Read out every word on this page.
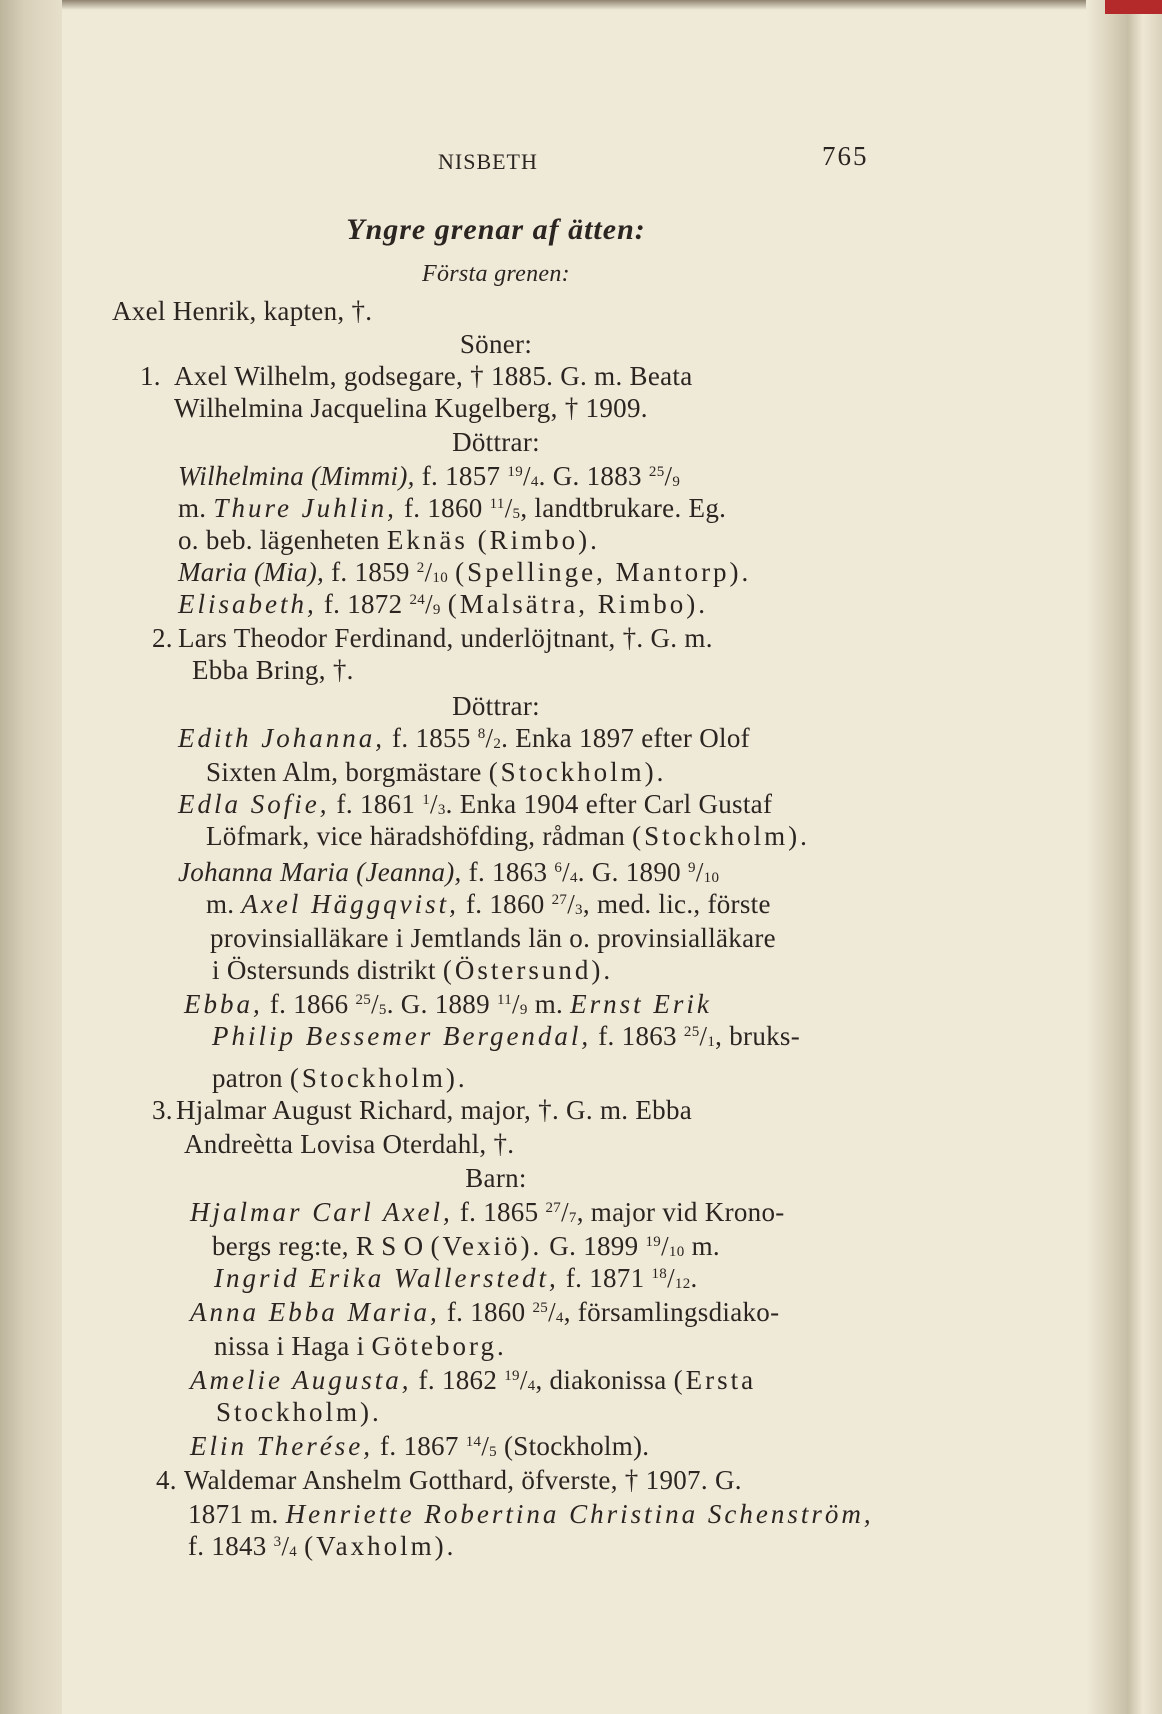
NISBETH	765
Yngre grenar af ätten:
Första grenen:
Axel Henrik, kapten, †.
Söner:
1. Axel Wilhelm, godsegare, † 1885. G. m. Beata
Wilhelmina Jacquelina Kugelberg, † 1909.
Döttrar:
Wilhelmina (Mimmi), f. 1857 $^{19}/_4$. G. 1883 $^{25}/_9$
m. Thure Juhlin, f. 1860 $^{11}/_5$, landtbrukare. Eg.
o. beb. lägenheten Eknäs (Rimbo).
Maria (Mia), f. 1859 $^2/_{10}$ (Spellinge, Mantorp).
Elisabeth, f. 1872 $^{24}/_9$ (Malsätra, Rimbo).
2. Lars Theodor Ferdinand, underlöjtnant, †. G. m.
Ebba Bring, †.
Döttrar:
Edith Johanna, f. 1855 $^8/_2$. Enka 1897 efter Olof
Sixten Alm, borgmästare (Stockholm).
Edla Sofie, f. 1861 $^1/_3$. Enka 1904 efter Carl Gustaf
Löfmark, vice häradshöfding, rådman (Stockholm).
Johanna Maria (Jeanna), f. 1863 $^6/_4$. G. 1890 $^9/_{10}$
m. Axel Häggqvist, f. 1860 $^{27}/_3$, med. lic., förste
provinsialläkare i Jemtlands län o. provinsialläkare
i Östersunds distrikt (Östersund).
Ebba, f. 1866 $^{25}/_5$. G. 1889 $^{11}/_9$ m. Ernst Erik
Philip Bessemer Bergendal, f. 1863 $^{25}/_1$, bruks-
patron (Stockholm).
3. Hjalmar August Richard, major, †. G. m. Ebba
Andreètta Lovisa Oterdahl, †.
Barn:
Hjalmar Carl Axel, f. 1865 $^{27}/_7$, major vid Krono-
bergs reg:te, R S O (Vexiö). G. 1899 $^{19}/_{10}$ m.
Ingrid Erika Wallerstedt, f. 1871 $^{18}/_{12}$.
Anna Ebba Maria, f. 1860 $^{25}/_4$, församlingsdiako-
nissa i Haga i Göteborg.
Amelie Augusta, f. 1862 $^{19}/_4$, diakonissa (Ersta
Stockholm).
Elin Therése, f. 1867 $^{14}/_5$ (Stockholm).
4. Waldemar Anshelm Gotthard, öfverste, † 1907. G.
1871 m. Henriette Robertina Christina Schenström,
f. 1843 $^3/_4$ (Vaxholm).
